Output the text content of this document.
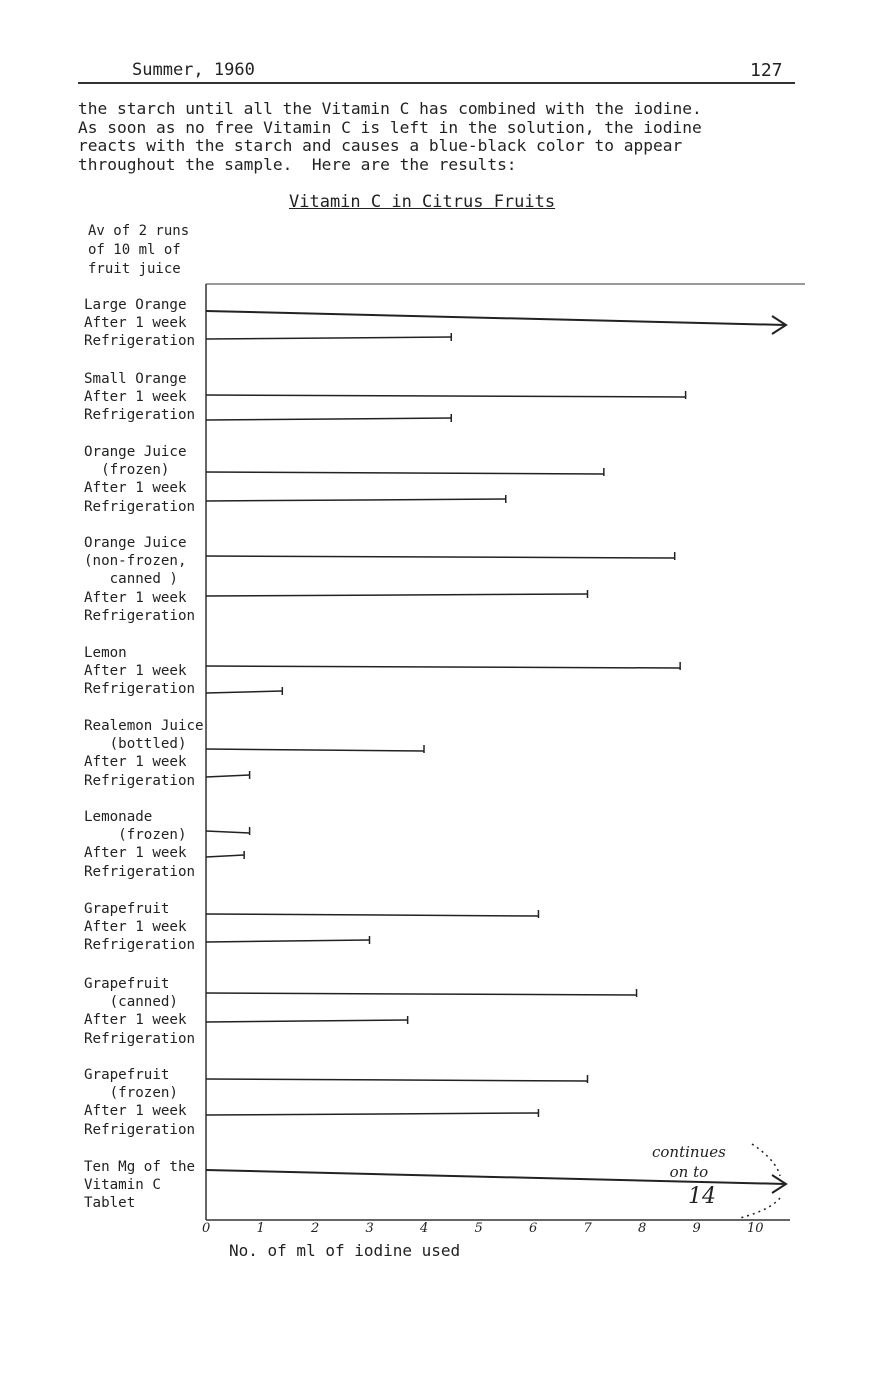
Summer, 1960	127
the starch until all the Vitamin C has combined with the iodine.
As soon as no free Vitamin C is left in the solution, the iodine
reacts with the starch and causes a blue-black color to appear
throughout the sample.  Here are the results:
Vitamin C in Citrus Fruits
Av of 2 runs
of 10 ml of
fruit juice
Large Orange
After 1 week
Refrigeration
Small Orange
After 1 week
Refrigeration
Orange Juice
(frozen)
After 1 week
Refrigeration
Orange Juice
(non-frozen,
canned )
After 1 week
Refrigeration
Lemon
After 1 week
Refrigeration
Realemon Juice
(bottled)
After 1 week
Refrigeration
Lemonade
(frozen)
After 1 week
Refrigeration
Grapefruit
After 1 week
Refrigeration
Grapefruit
(canned)
After 1 week
Refrigeration
Grapefruit
(frozen)
After 1 week
Refrigeration
Ten Mg of the
Vitamin C
Tablet
0	1	2	3	4	5	6	7	8	9	10
No. of ml of iodine used
continues
on to
14
